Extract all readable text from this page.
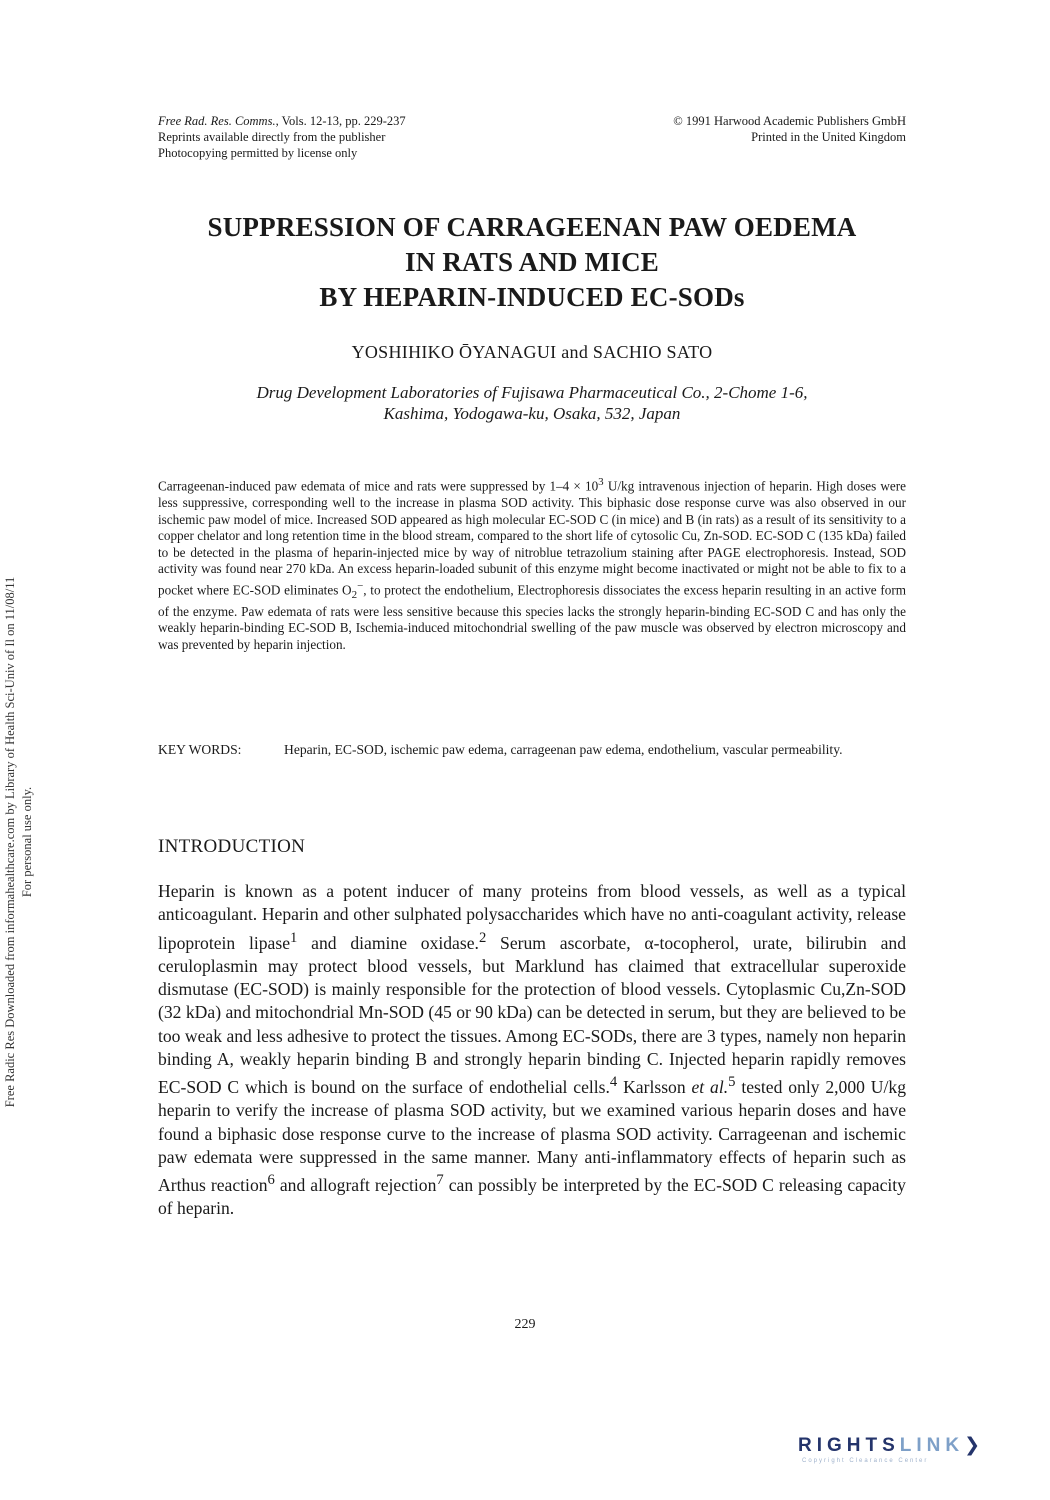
Free Rad. Res. Comms., Vols. 12-13, pp. 229-237
Reprints available directly from the publisher
Photocopying permitted by license only
© 1991 Harwood Academic Publishers GmbH
Printed in the United Kingdom
SUPPRESSION OF CARRAGEENAN PAW OEDEMA
IN RATS AND MICE
BY HEPARIN-INDUCED EC-SODs
YOSHIHIKO ŌYANAGUI and SACHIO SATO
Drug Development Laboratories of Fujisawa Pharmaceutical Co., 2-Chome 1-6,
Kashima, Yodogawa-ku, Osaka, 532, Japan
Carrageenan-induced paw edemata of mice and rats were suppressed by $1-4 \times 10^3$ U/kg intravenous injection of heparin. High doses were less suppressive, corresponding well to the increase in plasma SOD activity. This biphasic dose response curve was also observed in our ischemic paw model of mice. Increased SOD appeared as high molecular EC-SOD C (in mice) and B (in rats) as a result of its sensitivity to a copper chelator and long retention time in the blood stream, compared to the short life of cytosolic Cu, Zn-SOD. EC-SOD C (135 kDa) failed to be detected in the plasma of heparin-injected mice by way of nitroblue tetrazolium staining after PAGE electrophoresis. Instead, SOD activity was found near 270 kDa. An excess heparin-loaded subunit of this enzyme might become inactivated or might not be able to fix to a pocket where EC-SOD eliminates $O_2^-$, to protect the endothelium, Electrophoresis dissociates the excess heparin resulting in an active form of the enzyme. Paw edemata of rats were less sensitive because this species lacks the strongly heparin-binding EC-SOD C and has only the weakly heparin-binding EC-SOD B, Ischemia-induced mitochondrial swelling of the paw muscle was observed by electron microscopy and was prevented by heparin injection.
KEY WORDS:	Heparin, EC-SOD, ischemic paw edema, carrageenan paw edema, endothelium, vascular permeability.
INTRODUCTION
Heparin is known as a potent inducer of many proteins from blood vessels, as well as a typical anticoagulant. Heparin and other sulphated polysaccharides which have no anti-coagulant activity, release lipoprotein lipase$^1$ and diamine oxidase.$^2$ Serum ascorbate, α-tocopherol, urate, bilirubin and ceruloplasmin may protect blood vessels, but Marklund has claimed that extracellular superoxide dismutase (EC-SOD) is mainly responsible for the protection of blood vessels. Cytoplasmic Cu,Zn-SOD (32 kDa) and mitochondrial Mn-SOD (45 or 90 kDa) can be detected in serum, but they are believed to be too weak and less adhesive to protect the tissues. Among EC-SODs, there are 3 types, namely non heparin binding A, weakly heparin binding B and strongly heparin binding C. Injected heparin rapidly removes EC-SOD C which is bound on the surface of endothelial cells.$^4$ Karlsson et al.$^5$ tested only 2,000 U/kg heparin to verify the increase of plasma SOD activity, but we examined various heparin doses and have found a biphasic dose response curve to the increase of plasma SOD activity. Carrageenan and ischemic paw edemata were suppressed in the same manner. Many anti-inflammatory effects of heparin such as Arthus reaction$^6$ and allograft rejection$^7$ can possibly be interpreted by the EC-SOD C releasing capacity of heparin.
229
Free Radic Res Downloaded from informahealthcare.com by Library of Health Sci-Univ of Il on 11/08/11 For personal use only.
RIGHTSLINK❯
Copyright Clearance Center
